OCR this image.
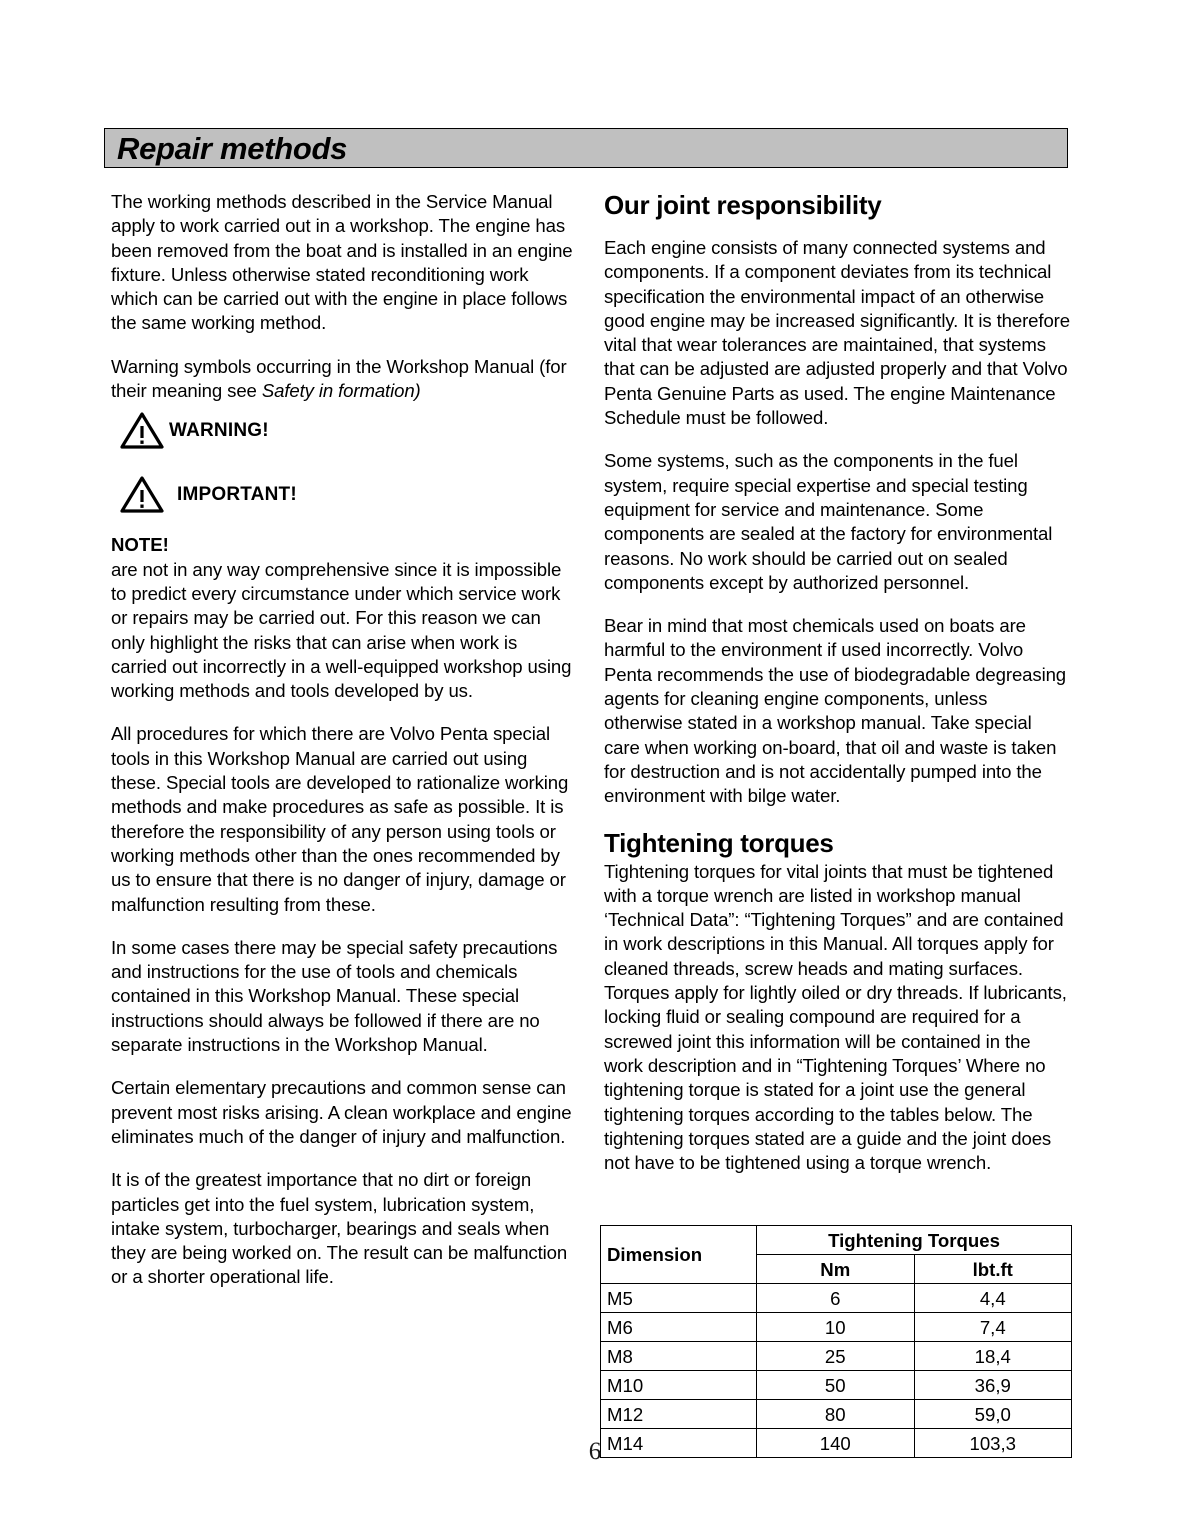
Repair methods

The working methods described in the Service Manual apply to work carried out in a workshop. The engine has been removed from the boat and is installed in an engine fixture. Unless otherwise stated reconditioning work which can be carried out with the engine in place follows the same working method.

Warning symbols occurring in the Workshop Manual (for their meaning see Safety in formation)

WARNING!
IMPORTANT!

NOTE!

are not in any way comprehensive since it is impossible to predict every circumstance under which service work or repairs may be carried out. For this reason we can only highlight the risks that can arise when work is carried out incorrectly in a well-equipped workshop using working methods and tools developed by us.

All procedures for which there are Volvo Penta special tools in this Workshop Manual are carried out using these. Special tools are developed to rationalize working methods and make procedures as safe as possible. It is therefore the responsibility of any person using tools or working methods other than the ones recommended by us to ensure that there is no danger of injury, damage or malfunction resulting from these.

In some cases there may be special safety precautions and instructions for the use of tools and chemicals contained in this Workshop Manual. These special instructions should always be followed if there are no separate instructions in the Workshop Manual.

Certain elementary precautions and common sense can prevent most risks arising. A clean workplace and engine eliminates much of the danger of injury and malfunction.

It is of the greatest importance that no dirt or foreign particles get into the fuel system, lubrication system, intake system, turbocharger, bearings and seals when they are being worked on. The result can be malfunction or a shorter operational life.

Our joint responsibility

Each engine consists of many connected systems and components. If a component deviates from its technical specification the environmental impact of an otherwise good engine may be increased significantly. It is therefore vital that wear tolerances are maintained, that systems that can be adjusted are adjusted properly and that Volvo Penta Genuine Parts as used. The engine Maintenance Schedule must be followed.

Some systems, such as the components in the fuel system, require special expertise and special testing equipment for service and maintenance. Some components are sealed at the factory for environmental reasons. No work should be carried out on sealed components except by authorized personnel.

Bear in mind that most chemicals used on boats are harmful to the environment if used incorrectly. Volvo Penta recommends the use of biodegradable degreasing agents for cleaning engine components, unless otherwise stated in a workshop manual. Take special care when working on-board, that oil and waste is taken for destruction and is not accidentally pumped into the environment with bilge water.

Tightening torques

Tightening torques for vital joints that must be tightened with a torque wrench are listed in workshop manual ‘Technical Data”: “Tightening Torques” and are contained in work descriptions in this Manual. All torques apply for cleaned threads, screw heads and mating surfaces. Torques apply for lightly oiled or dry threads. If lubricants, locking fluid or sealing compound are required for a screwed joint this information will be contained in the work description and in “Tightening Torques’ Where no tightening torque is stated for a joint use the general tightening torques according to the tables below. The tightening torques stated are a guide and the joint does not have to be tightened using a torque wrench.

Dimension	Tightening Torques	
	Nm	lbt.ft
M5	6	4,4
M6	10	7,4
M8	25	18,4
M10	50	36,9
M12	80	59,0
M14	140	103,3
6
